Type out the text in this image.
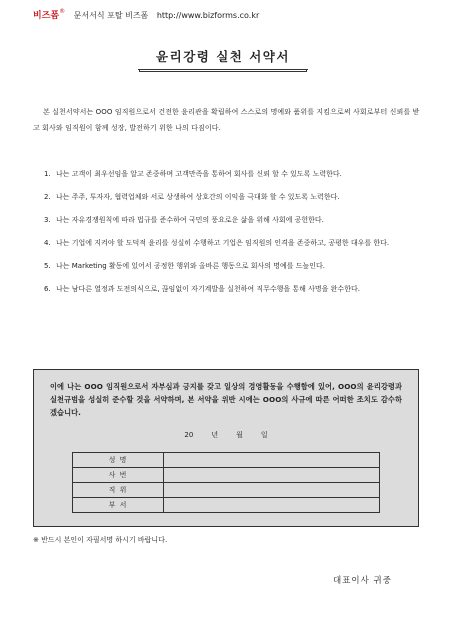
비즈폼® 문서서식 포탈 비즈폼 http://www.bizforms.co.kr
윤리강령 실천 서약서
본 실천서약서는 OOO 임직원으로서 건전한 윤리관을 확립하여 스스로의 명예와 품위를 지킴으로써 사회로부터 신뢰를 받고 회사와 임직원이 함께 성장, 발전하기 위한 나의 다짐이다.
1. 나는 고객이 최우선임을 알고 존중하며 고객만족을 통하여 회사를 신뢰 할 수 있도록 노력한다.
2. 나는 주주, 투자자, 협력업체와 서로 상생하여 상호간의 이익을 극대화 할 수 있도록 노력한다.
3. 나는 자유경쟁원칙에 따라 법규를 준수하여 국민의 풍요로운 삶을 위해 사회에 공헌한다.
4. 나는 기업에 지켜야 할 도덕적 윤리를 성실히 수행하고 기업은 임직원의 인격을 존중하고, 공평한 대우를 한다.
5. 나는 Marketing 활동에 있어서 공정한 행위와 올바른 행동으로 회사의 명예를 드높인다.
6. 나는 남다른 열정과 도전의식으로, 끊임없이 자기계발을 실천하여 직무수행을 통해 사명을 완수한다.
이에 나는 OOO 임직원으로서 자부심과 긍지를 갖고 일상의 경영활동을 수행함에 있어, OOO의 윤리강령과 실천규범을 성실히 준수할 것을 서약하며, 본 서약을 위반 시에는 OOO의 사규에 따른 어떠한 조치도 감수하겠습니다.
20	년	월	일
성 명	
사 번	
직 위	
부 서	
※ 반드시 본인이 자필서명 하시기 바랍니다.
대표이사 귀중
